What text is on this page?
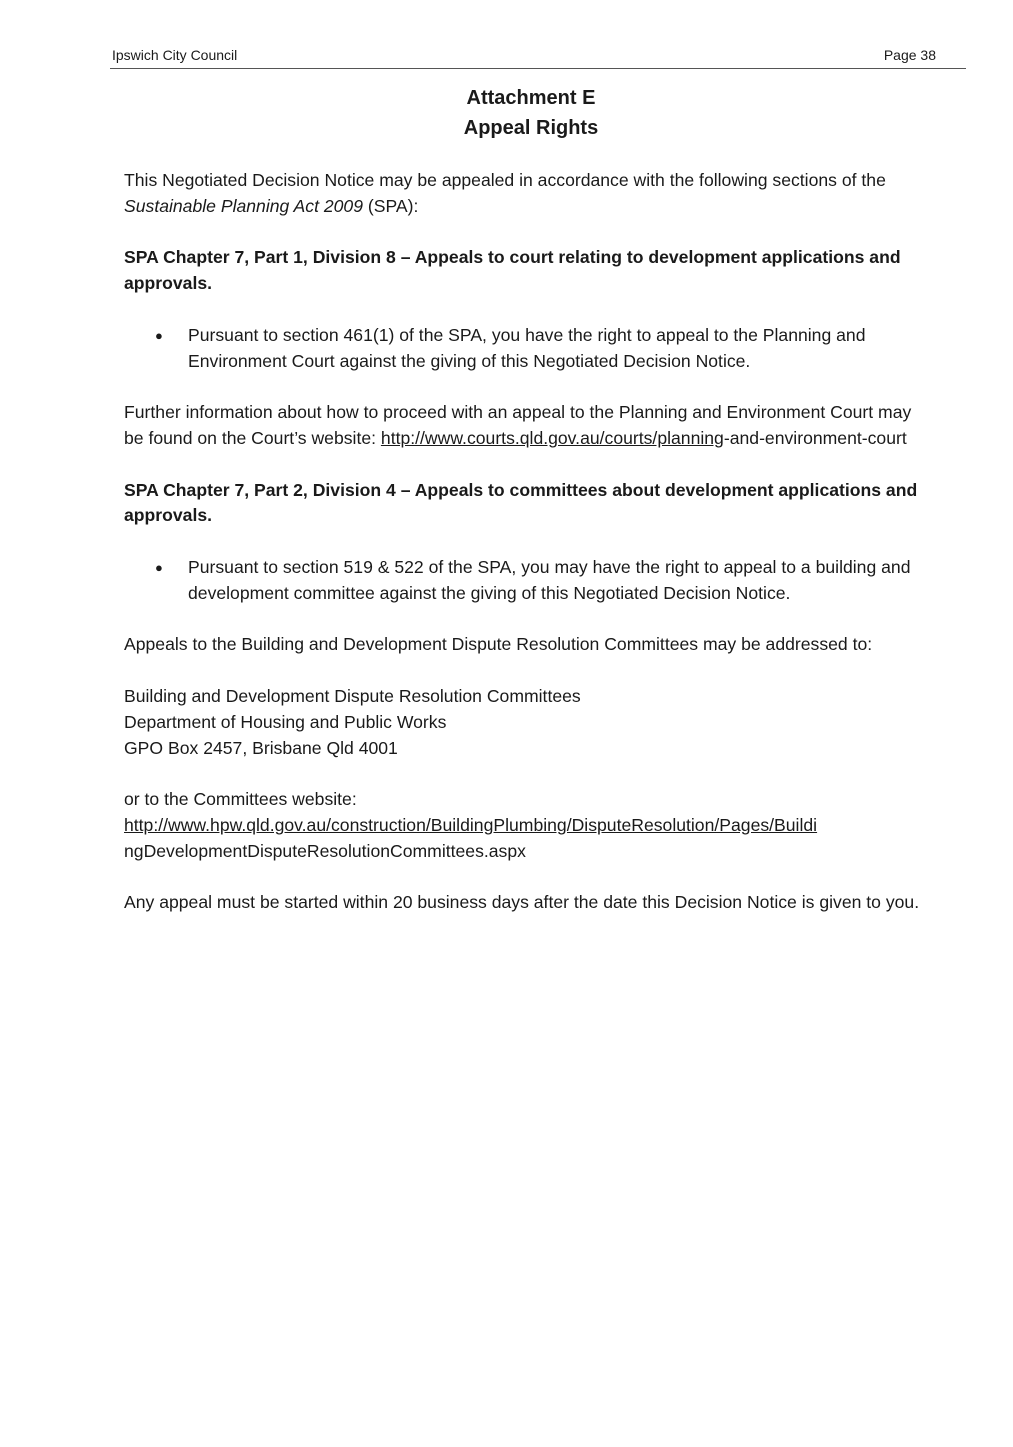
Ipswich City Council	Page 38
Attachment E
Appeal Rights

This Negotiated Decision Notice may be appealed in accordance with the following sections of the Sustainable Planning Act 2009 (SPA):

SPA Chapter 7, Part 1, Division 8 – Appeals to court relating to development applications and approvals.

● Pursuant to section 461(1) of the SPA, you have the right to appeal to the Planning and Environment Court against the giving of this Negotiated Decision Notice.

Further information about how to proceed with an appeal to the Planning and Environment Court may be found on the Court’s website: http://www.courts.qld.gov.au/courts/planning-and-environment-court

SPA Chapter 7, Part 2, Division 4 – Appeals to committees about development applications and approvals.

● Pursuant to section 519 & 522 of the SPA, you may have the right to appeal to a building and development committee against the giving of this Negotiated Decision Notice.

Appeals to the Building and Development Dispute Resolution Committees may be addressed to:

Building and Development Dispute Resolution Committees
Department of Housing and Public Works
GPO Box 2457, Brisbane Qld 4001

or to the Committees website:
http://www.hpw.qld.gov.au/construction/BuildingPlumbing/DisputeResolution/Pages/Buildi
ngDevelopmentDisputeResolutionCommittees.aspx

Any appeal must be started within 20 business days after the date this Decision Notice is given to you.
